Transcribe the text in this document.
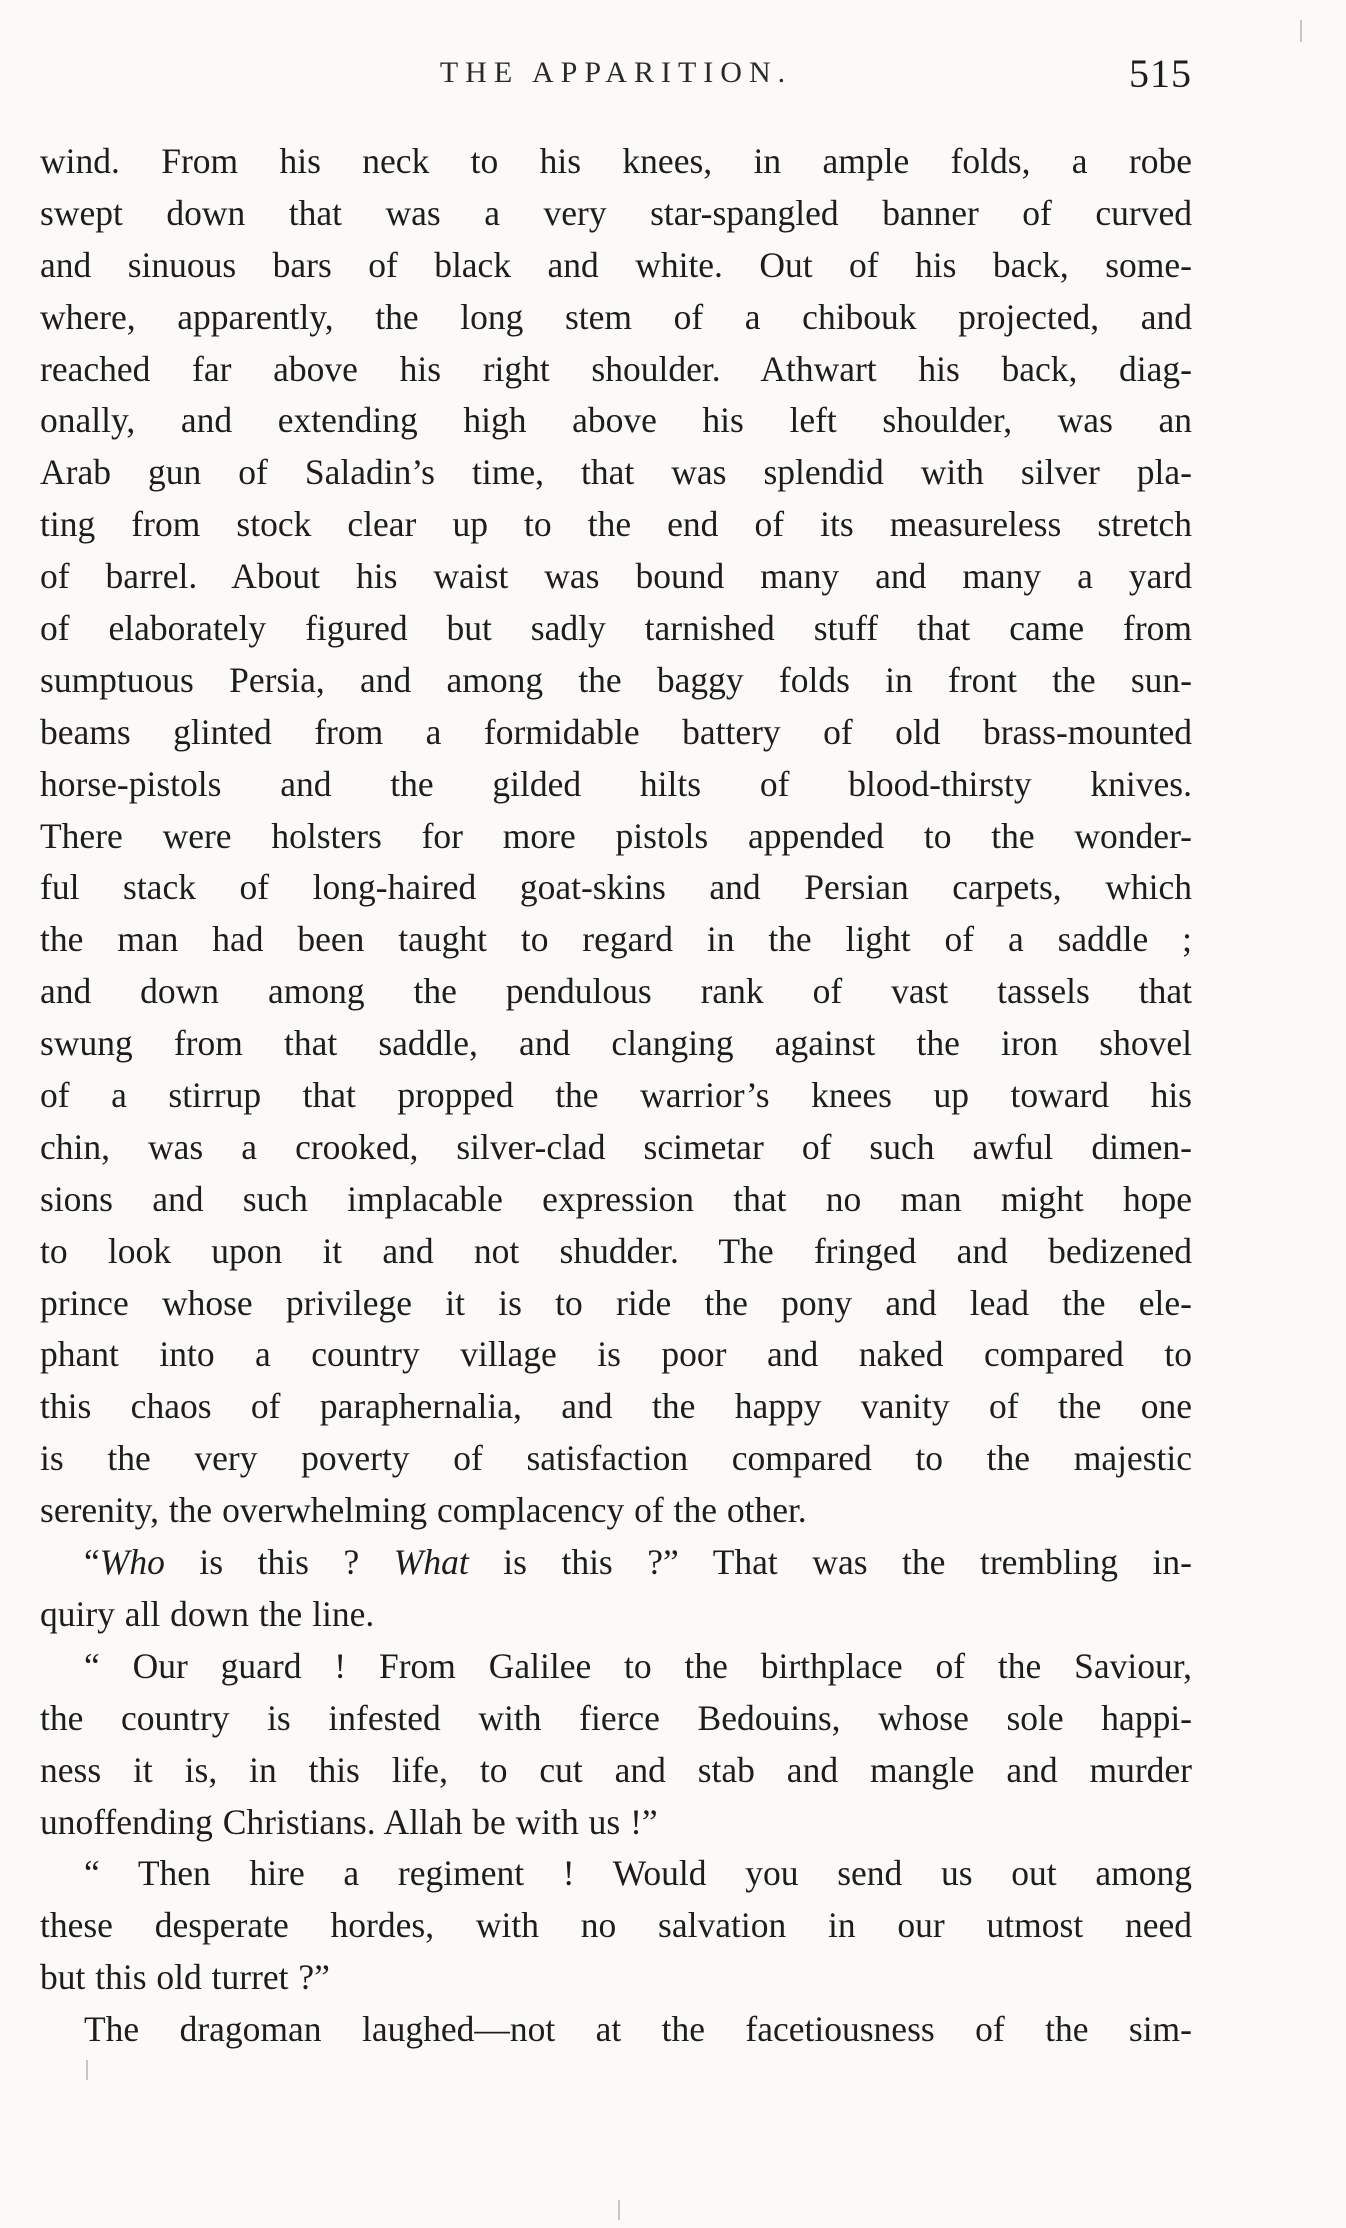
THE APPARITION.	515
wind. From his neck to his knees, in ample folds, a robe
swept down that was a very star-spangled banner of curved
and sinuous bars of black and white. Out of his back, some-
where, apparently, the long stem of a chibouk projected, and
reached far above his right shoulder. Athwart his back, diag-
onally, and extending high above his left shoulder, was an
Arab gun of Saladin’s time, that was splendid with silver pla-
ting from stock clear up to the end of its measureless stretch
of barrel. About his waist was bound many and many a yard
of elaborately figured but sadly tarnished stuff that came from
sumptuous Persia, and among the baggy folds in front the sun-
beams glinted from a formidable battery of old brass-mounted
horse-pistols and the gilded hilts of blood-thirsty knives.
There were holsters for more pistols appended to the wonder-
ful stack of long-haired goat-skins and Persian carpets, which
the man had been taught to regard in the light of a saddle ;
and down among the pendulous rank of vast tassels that
swung from that saddle, and clanging against the iron shovel
of a stirrup that propped the warrior’s knees up toward his
chin, was a crooked, silver-clad scimetar of such awful dimen-
sions and such implacable expression that no man might hope
to look upon it and not shudder. The fringed and bedizened
prince whose privilege it is to ride the pony and lead the ele-
phant into a country village is poor and naked compared to
this chaos of paraphernalia, and the happy vanity of the one
is the very poverty of satisfaction compared to the majestic
serenity, the overwhelming complacency of the other.
“Who is this ? What is this ?” That was the trembling in-
quiry all down the line.
“ Our guard ! From Galilee to the birthplace of the Saviour,
the country is infested with fierce Bedouins, whose sole happi-
ness it is, in this life, to cut and stab and mangle and murder
unoffending Christians. Allah be with us !”
“ Then hire a regiment ! Would you send us out among
these desperate hordes, with no salvation in our utmost need
but this old turret ?”
The dragoman laughed—not at the facetiousness of the sim-
